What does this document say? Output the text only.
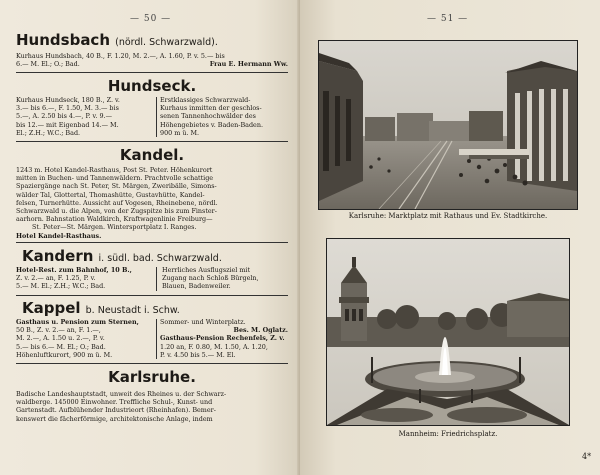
— 50 —
Hundsbach (nördl. Schwarzwald).
Kurhaus Hundsbach, 40 B., F. 1.20, M. 2.—, A. 1.60, P. v. 5.— bis
6.— M. El.; O.; Bad.	Frau E. Hermann Ww.
Hundseck.
Kurhaus Hundseck, 180 B., Z. v.
3.— bis 6.—, F. 1.50, M. 3.— bis
5.—, A. 2.50 bis 4.—, P. v. 9.—
bis 12.— mit Eigenbad 14.— M.
El.; Z.H.; W.C.; Bad.
Erstklassiges Schwarzwald-
Kurhaus inmitten der geschlos-
senen Tannenhochwälder des
Höhengebietes v. Baden-Baden.
900 m ü. M.
Kandel.
1243 m. Hotel Kandel-Rasthaus, Post St. Peter. Höhenkurort
mitten in Buchen- und Tannenwäldern. Prachtvolle schattige
Spaziergänge nach St. Peter, St. Märgen, Zweribälle, Simons-
wälder Tal, Glottertal, Thomashütte, Gustavhütte, Kandel-
felsen, Turnerhütte. Aussicht auf Vogesen, Rheinebene, nördl.
Schwarzwald u. die Alpen, von der Zugspitze bis zum Finster-
aarhorn. Bahnstation Waldkirch, Kraftwagenlinie Freiburg—
St. Peter—St. Märgen. Wintersportplatz I. Ranges.
Hotel Kandel-Rasthaus.
Kandern i. südl. bad. Schwarzwald.
Hotel-Rest. zum Bahnhof, 10 B.,
Z. v. 2.— an, F. 1.25, P. v.
5.— M. El.; Z.H.; W.C.; Bad.
Herrliches Ausflugsziel mit
Zugang nach Schloß Bürgeln,
Blauen, Badenweiler.
Kappel b. Neustadt i. Schw.
Gasthaus u. Pension zum Sternen,
50 B., Z. v. 2.— an, F. 1.—,
M. 2.—, A. 1.50 u. 2.—, P. v.
5.— bis 6.— M. El.; O.; Bad.
Höhenluftkurort, 900 m ü. M.
Sommer- und Winterplatz.
Bes. M. Oglatz.
Gasthaus-Pension Rechenfels, Z. v.
1.20 an, F. 0.80, M. 1.50, A. 1.20,
P. v. 4.50 bis 5.— M. El.
Karlsruhe.
Badische Landeshauptstadt, unweit des Rheines u. der Schwarz-
waldberge. 145000 Einwohner. Treffliche Schul-, Kunst- und
Gartenstadt. Aufblühender Industrieort (Rheinhafen). Bemer-
kenswert die fächerförmige, architektonische Anlage, indem
— 51 —
Karlsruhe: Marktplatz mit Rathaus und Ev. Stadtkirche.
Mannheim: Friedrichsplatz.
4*
